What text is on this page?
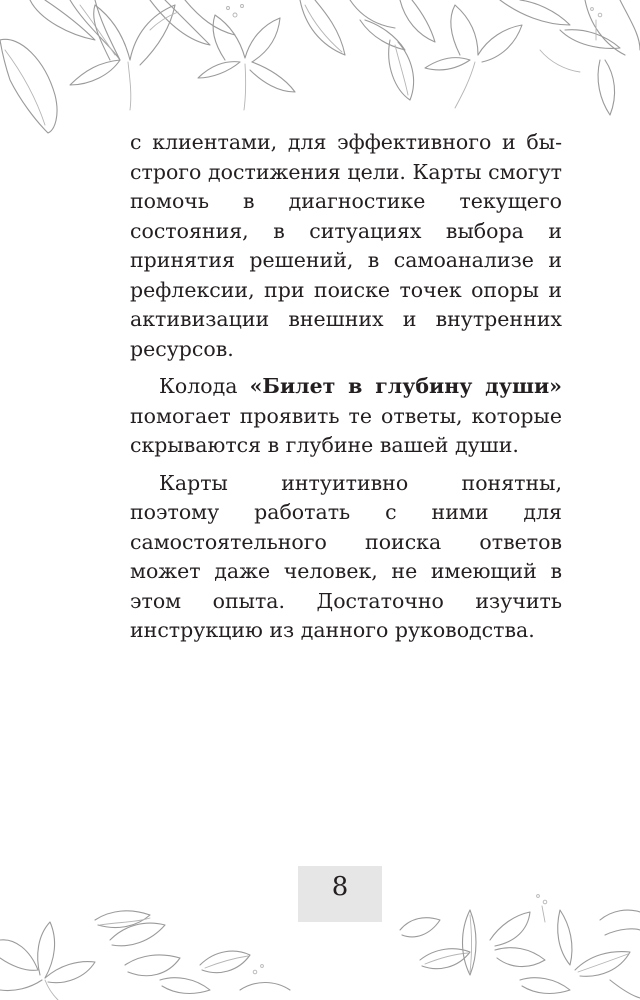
с клиентами, для эффективного и быстрого достижения цели. Карты смогут помочь в диагностике текущего состояния, в ситуациях выбора и принятия решений, в самоанализе и рефлексии, при поиске точек опоры и активизации внешних и внутренних ресурсов.

Колода «Билет в глубину души» помогает проявить те ответы, которые скрываются в глубине вашей души.

Карты интуитивно понятны, поэтому работать с ними для самостоятельного поиска ответов может даже человек, не имеющий в этом опыта. Достаточно изучить инструкцию из данного руководства.

8
